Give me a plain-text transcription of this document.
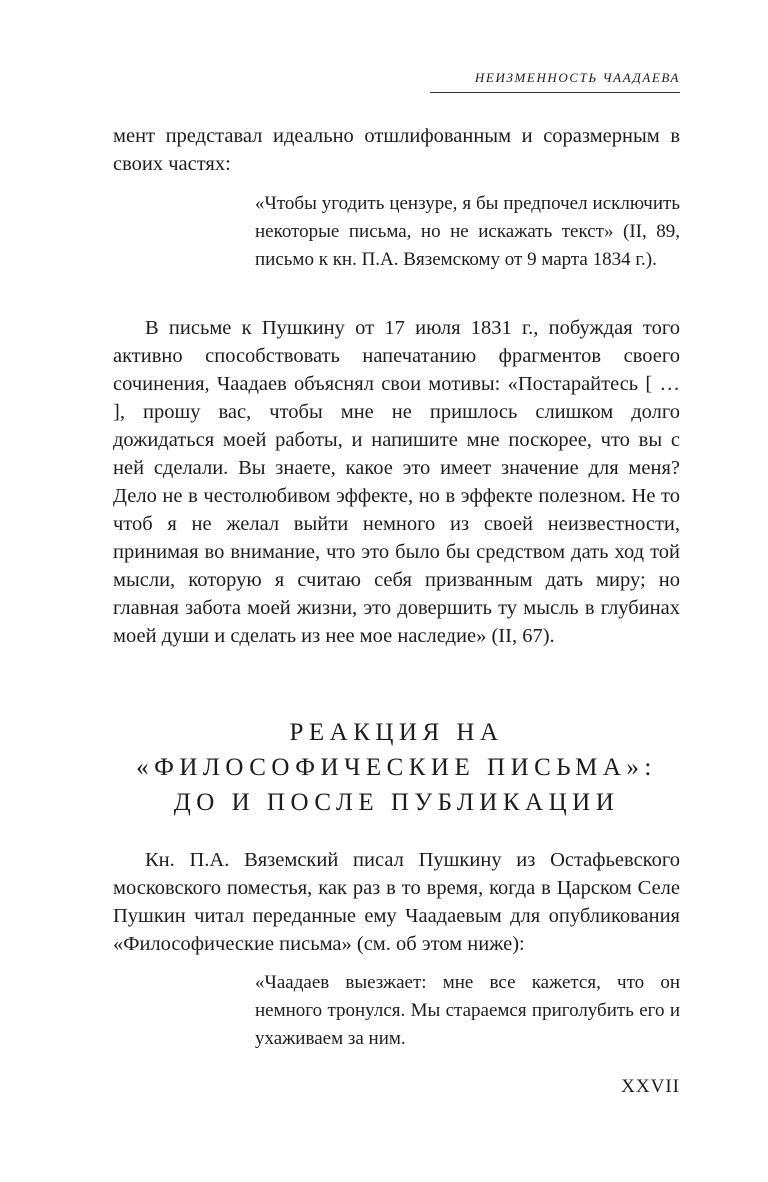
НЕИЗМЕННОСТЬ ЧААДАЕВА

мент представал идеально отшлифованным и соразмерным в своих частях:

«Чтобы угодить цензуре, я бы предпочел исключить некоторые письма, но не искажать текст» (II, 89, письмо к кн. П.А. Вяземскому от 9 марта 1834 г.).

В письме к Пушкину от 17 июля 1831 г., побуждая того активно способствовать напечатанию фрагментов своего сочинения, Чаадаев объяснял свои мотивы: «Постарайтесь [ … ], прошу вас, чтобы мне не пришлось слишком долго дожидаться моей работы, и напишите мне поскорее, что вы с ней сделали. Вы знаете, какое это имеет значение для меня? Дело не в честолюбивом эффекте, но в эффекте полезном. Не то чтоб я не желал выйти немного из своей неизвестности, принимая во внимание, что это было бы средством дать ход той мысли, которую я считаю себя призванным дать миру; но главная забота моей жизни, это довершить ту мысль в глубинах моей души и сделать из нее мое наследие» (II, 67).

РЕАКЦИЯ НА
«ФИЛОСОФИЧЕСКИЕ ПИСЬМА»:
ДО И ПОСЛЕ ПУБЛИКАЦИИ

Кн. П.А. Вяземский писал Пушкину из Остафьевского московского поместья, как раз в то время, когда в Царском Селе Пушкин читал переданные ему Чаадаевым для опубликования «Философические письма» (см. об этом ниже):

«Чаадаев выезжает: мне все кажется, что он немного тронулся. Мы стараемся приголубить его и ухаживаем за ним.

XXVII
